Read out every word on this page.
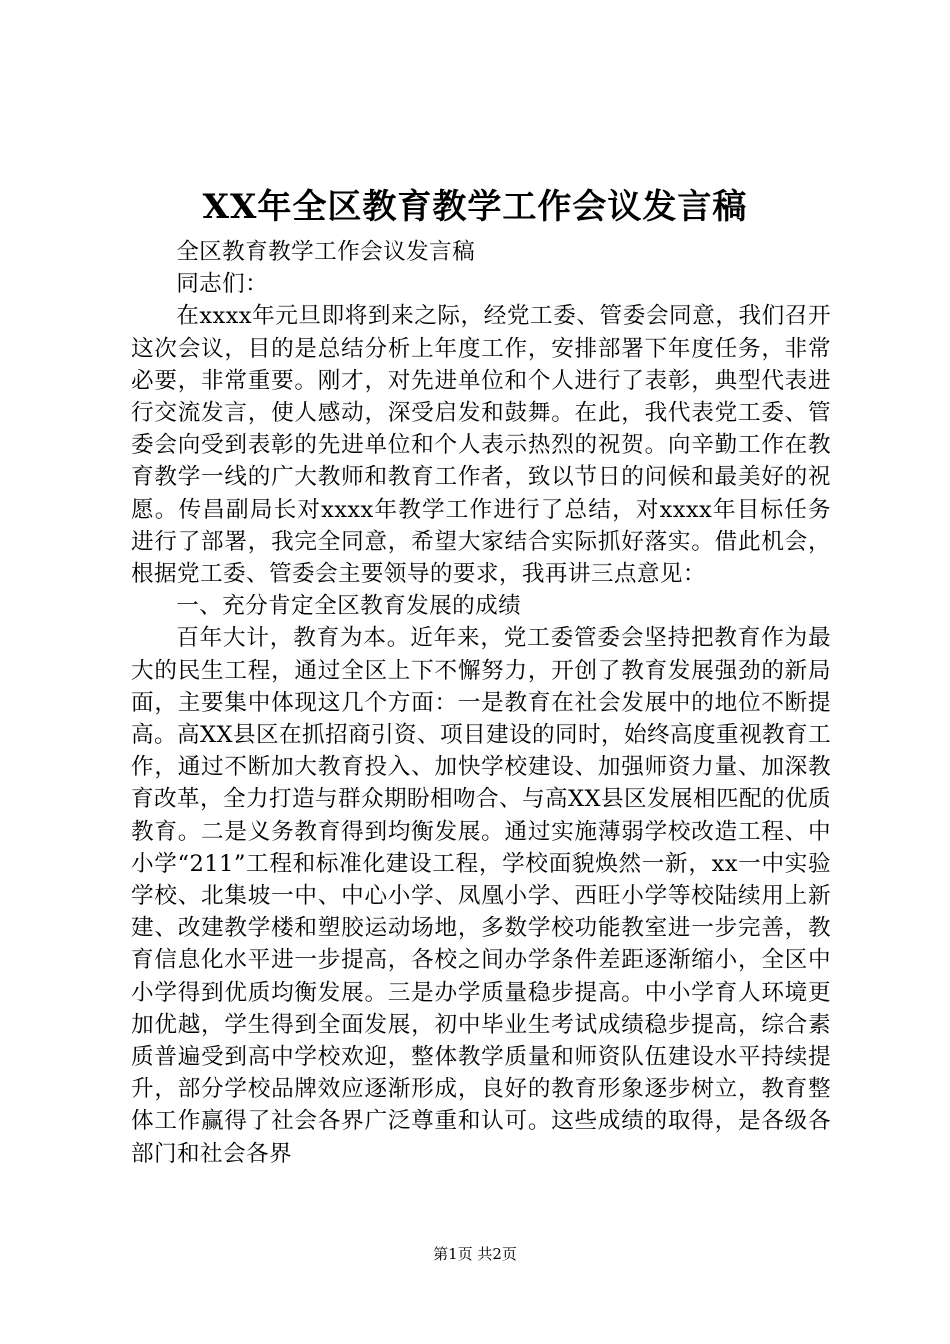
XX年全区教育教学工作会议发言稿

全区教育教学工作会议发言稿

同志们：

在xxxx年元旦即将到来之际，经党工委、管委会同意，我们召开这次会议，目的是总结分析上年度工作，安排部署下年度任务，非常必要，非常重要。刚才，对先进单位和个人进行了表彰，典型代表进行交流发言，使人感动，深受启发和鼓舞。在此，我代表党工委、管委会向受到表彰的先进单位和个人表示热烈的祝贺。向辛勤工作在教育教学一线的广大教师和教育工作者，致以节日的问候和最美好的祝愿。传昌副局长对xxxx年教学工作进行了总结，对xxxx年目标任务进行了部署，我完全同意，希望大家结合实际抓好落实。借此机会，根据党工委、管委会主要领导的要求，我再讲三点意见：

一、充分肯定全区教育发展的成绩

百年大计，教育为本。近年来，党工委管委会坚持把教育作为最大的民生工程，通过全区上下不懈努力，开创了教育发展强劲的新局面，主要集中体现这几个方面：一是教育在社会发展中的地位不断提高。高XX县区在抓招商引资、项目建设的同时，始终高度重视教育工作，通过不断加大教育投入、加快学校建设、加强师资力量、加深教育改革，全力打造与群众期盼相吻合、与高XX县区发展相匹配的优质教育。二是义务教育得到均衡发展。通过实施薄弱学校改造工程、中小学“211”工程和标准化建设工程，学校面貌焕然一新，xx一中实验学校、北集坡一中、中心小学、凤凰小学、西旺小学等校陆续用上新建、改建教学楼和塑胶运动场地，多数学校功能教室进一步完善，教育信息化水平进一步提高，各校之间办学条件差距逐渐缩小，全区中小学得到优质均衡发展。三是办学质量稳步提高。中小学育人环境更加优越，学生得到全面发展，初中毕业生考试成绩稳步提高，综合素质普遍受到高中学校欢迎，整体教学质量和师资队伍建设水平持续提升，部分学校品牌效应逐渐形成，良好的教育形象逐步树立，教育整体工作赢得了社会各界广泛尊重和认可。这些成绩的取得，是各级各部门和社会各界

第1页 共2页
